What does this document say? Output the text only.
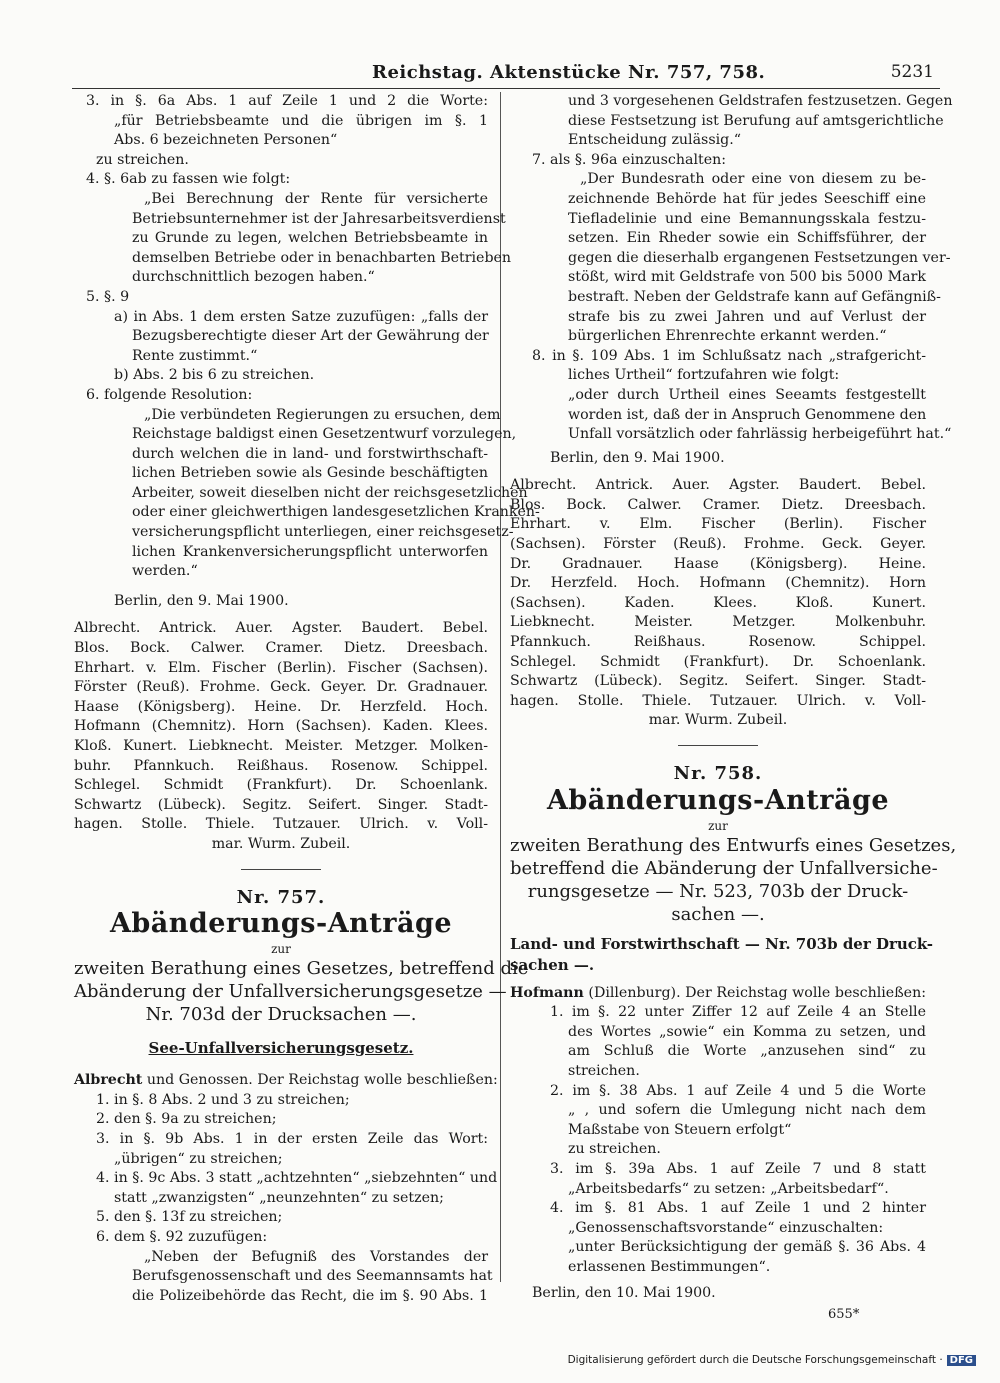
Reichstag. Aktenstücke Nr. 757, 758.	5231
3. in §. 6a Abs. 1 auf Zeile 1 und 2 die Worte:
„für Betriebsbeamte und die übrigen im §. 1
Abs. 6 bezeichneten Personen“
zu streichen.
4. §. 6ab zu fassen wie folgt:
„Bei Berechnung der Rente für versicherte
Betriebsunternehmer ist der Jahresarbeitsverdienst
zu Grunde zu legen, welchen Betriebsbeamte in
demselben Betriebe oder in benachbarten Betrieben
durchschnittlich bezogen haben.“
5. §. 9
a) in Abs. 1 dem ersten Satze zuzufügen: „falls der
Bezugsberechtigte dieser Art der Gewährung der
Rente zustimmt.“
b) Abs. 2 bis 6 zu streichen.
6. folgende Resolution:
„Die verbündeten Regierungen zu ersuchen, dem
Reichstage baldigst einen Gesetzentwurf vorzulegen,
durch welchen die in land- und forstwirthschaft-
lichen Betrieben sowie als Gesinde beschäftigten
Arbeiter, soweit dieselben nicht der reichsgesetzlichen
oder einer gleichwerthigen landesgesetzlichen Kranken-
versicherungspflicht unterliegen, einer reichsgesetz-
lichen Krankenversicherungspflicht unterworfen
werden.“
Berlin, den 9. Mai 1900.
Albrecht. Antrick. Auer. Agster. Baudert. Bebel.
Blos. Bock. Calwer. Cramer. Dietz. Dreesbach.
Ehrhart. v. Elm. Fischer (Berlin). Fischer (Sachsen).
Förster (Reuß). Frohme. Geck. Geyer. Dr. Gradnauer.
Haase (Königsberg). Heine. Dr. Herzfeld. Hoch.
Hofmann (Chemnitz). Horn (Sachsen). Kaden. Klees.
Kloß. Kunert. Liebknecht. Meister. Metzger. Molken-
buhr. Pfannkuch. Reißhaus. Rosenow. Schippel.
Schlegel. Schmidt (Frankfurt). Dr. Schoenlank.
Schwartz (Lübeck). Segitz. Seifert. Singer. Stadt-
hagen. Stolle. Thiele. Tutzauer. Ulrich. v. Voll-
mar. Wurm. Zubeil.
Nr. 757.
Abänderungs-Anträge
zur
zweiten Berathung eines Gesetzes, betreffend die
Abänderung der Unfallversicherungsgesetze —
Nr. 703d der Drucksachen —.
See-Unfallversicherungsgesetz.
Albrecht und Genossen. Der Reichstag wolle beschließen:
1. in §. 8 Abs. 2 und 3 zu streichen;
2. den §. 9a zu streichen;
3. in §. 9b Abs. 1 in der ersten Zeile das Wort:
„übrigen“ zu streichen;
4. in §. 9c Abs. 3 statt „achtzehnten“ „siebzehnten“ und
statt „zwanzigsten“ „neunzehnten“ zu setzen;
5. den §. 13f zu streichen;
6. dem §. 92 zuzufügen:
„Neben der Befugniß des Vorstandes der
Berufsgenossenschaft und des Seemannsamts hat
die Polizeibehörde das Recht, die im §. 90 Abs. 1
und 3 vorgesehenen Geldstrafen festzusetzen. Gegen
diese Festsetzung ist Berufung auf amtsgerichtliche
Entscheidung zulässig.“
7. als §. 96a einzuschalten:
„Der Bundesrath oder eine von diesem zu be-
zeichnende Behörde hat für jedes Seeschiff eine
Tiefladelinie und eine Bemannungsskala festzu-
setzen. Ein Rheder sowie ein Schiffsführer, der
gegen die dieserhalb ergangenen Festsetzungen ver-
stößt, wird mit Geldstrafe von 500 bis 5000 Mark
bestraft. Neben der Geldstrafe kann auf Gefängniß-
strafe bis zu zwei Jahren und auf Verlust der
bürgerlichen Ehrenrechte erkannt werden.“
8. in §. 109 Abs. 1 im Schlußsatz nach „strafgericht-
liches Urtheil“ fortzufahren wie folgt:
„oder durch Urtheil eines Seeamts festgestellt
worden ist, daß der in Anspruch Genommene den
Unfall vorsätzlich oder fahrlässig herbeigeführt hat.“
Berlin, den 9. Mai 1900.
Albrecht. Antrick. Auer. Agster. Baudert. Bebel.
Blos. Bock. Calwer. Cramer. Dietz. Dreesbach.
Ehrhart. v. Elm. Fischer (Berlin). Fischer
(Sachsen). Förster (Reuß). Frohme. Geck. Geyer.
Dr. Gradnauer. Haase (Königsberg). Heine.
Dr. Herzfeld. Hoch. Hofmann (Chemnitz). Horn
(Sachsen). Kaden. Klees. Kloß. Kunert.
Liebknecht. Meister. Metzger. Molkenbuhr.
Pfannkuch. Reißhaus. Rosenow. Schippel.
Schlegel. Schmidt (Frankfurt). Dr. Schoenlank.
Schwartz (Lübeck). Segitz. Seifert. Singer. Stadt-
hagen. Stolle. Thiele. Tutzauer. Ulrich. v. Voll-
mar. Wurm. Zubeil.
Nr. 758.
Abänderungs-Anträge
zur
zweiten Berathung des Entwurfs eines Gesetzes,
betreffend die Abänderung der Unfallversiche-
rungsgesetze — Nr. 523, 703b der Druck-
sachen —.
Land- und Forstwirthschaft — Nr. 703b der Druck-
sachen —.
Hofmann (Dillenburg). Der Reichstag wolle beschließen:
1. im §. 22 unter Ziffer 12 auf Zeile 4 an Stelle
des Wortes „sowie“ ein Komma zu setzen, und
am Schluß die Worte „anzusehen sind“ zu
streichen.
2. im §. 38 Abs. 1 auf Zeile 4 und 5 die Worte
„ , und sofern die Umlegung nicht nach dem
Maßstabe von Steuern erfolgt“
zu streichen.
3. im §. 39a Abs. 1 auf Zeile 7 und 8 statt
„Arbeitsbedarfs“ zu setzen: „Arbeitsbedarf“.
4. im §. 81 Abs. 1 auf Zeile 1 und 2 hinter
„Genossenschaftsvorstande“ einzuschalten:
„unter Berücksichtigung der gemäß §. 36 Abs. 4
erlassenen Bestimmungen“.
Berlin, den 10. Mai 1900.
655*
Digitalisierung gefördert durch die Deutsche Forschungsgemeinschaft · DFG
